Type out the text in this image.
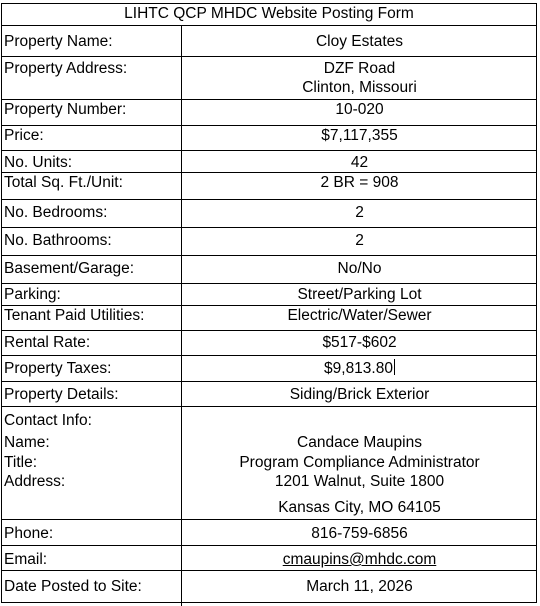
LIHTC QCP MHDC Website Posting Form
Property Name:
Property Address:
Property Number:
Price:
No. Units:
Total Sq. Ft./Unit:
No. Bedrooms:
No. Bathrooms:
Basement/Garage:
Parking:
Tenant Paid Utilities:
Rental Rate:
Property Taxes:
Property Details:
Contact Info:
Name:
Title:
Address:
Phone:
Email:
Date Posted to Site:
Cloy Estates
DZF Road
Clinton, Missouri
10-020
$7,117,355
42
2 BR = 908
2
2
No/No
Street/Parking Lot
Electric/Water/Sewer
$517-$602
$9,813.80
Siding/Brick Exterior
Candace Maupins
Program Compliance Administrator
1201 Walnut, Suite 1800
Kansas City, MO 64105
816-759-6856
cmaupins@mhdc.com
March 11, 2026
